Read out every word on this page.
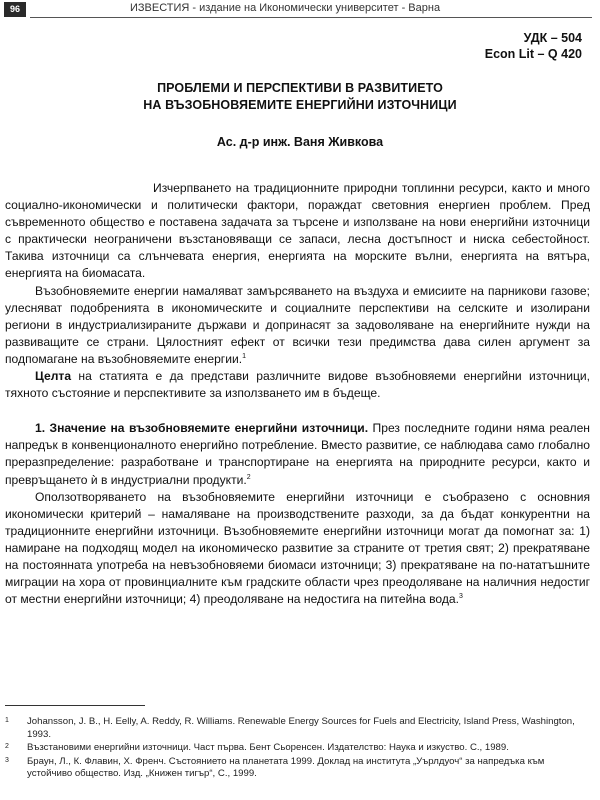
96	ИЗВЕСТИЯ - издание на Икономически университет - Варна
УДК – 504
Econ Lit – Q 420
ПРОБЛЕМИ И ПЕРСПЕКТИВИ В РАЗВИТИЕТО
НА ВЪЗОБНОВЯЕМИТЕ ЕНЕРГИЙНИ ИЗТОЧНИЦИ
Ас. д-р инж. Ваня Живкова

Изчерпването на традиционните природни топлинни ресурси, както и много социално-икономически и политически фактори, пораждат световния енергиен проблем. Пред съвременното общество е поставена задачата за търсене и използване на нови енергийни източници с практически неограничени възстановяващи се запаси, лесна достъпност и ниска себестойност. Такива източници са слънчевата енергия, енергията на морските вълни, енергията на вятъра, енергията на биомасата.

Възобновяемите енергии намаляват замърсяването на въздуха и емисиите на парникови газове; улесняват подобренията в икономическите и социалните перспективи на селските и изолирани региони в индустриализираните държави и допринасят за задоволяване на енергийните нужди на развиващите се страни. Цялостният ефект от всички тези предимства дава силен аргумент за подпомагане на възобновяемите енергии.$^1$

Целта на статията е да представи различните видове възобновяеми енергийни източници, тяхното състояние и перспективите за използването им в бъдеще.

1. Значение на възобновяемите енергийни източници. През последните години няма реален напредък в конвенционалното енергийно потребление. Вместо развитие, се наблюдава само глобално преразпределение: разработване и транспортиране на енергията на природните ресурси, както и превръщането ѝ в индустриални продукти.$^2$

Оползотворяването на възобновяемите енергийни източници е съобразено с основния икономически критерий – намаляване на производствените разходи, за да бъдат конкурентни на традиционните енергийни източници. Възобновяемите енергийни източници могат да помогнат за: 1) намиране на подходящ модел на икономическо развитие за страните от третия свят; 2) прекратяване на постоянната употреба на невъзобновяеми биомаси източници; 3) прекратяване на по-нататъшните миграции на хора от провинциалните към градските области чрез преодоляване на наличния недостиг от местни енергийни източници; 4) преодоляване на недостига на питейна вода.$^3$

1 Johansson, J. B., H. Eelly, A. Reddy, R. Williams. Renewable Energy Sources for Fuels and Electricity, Island Press, Washington, 1993.
2 Възстановими енергийни източници. Част първа. Бент Сьоренсен. Издателство: Наука и изкуство. С., 1989.
3 Браун, Л., К. Флавин, Х. Френч. Състоянието на планетата 1999. Доклад на института „Уърлдуоч“ за напредъка към устойчиво общество. Изд. „Книжен тигър“, С., 1999.
